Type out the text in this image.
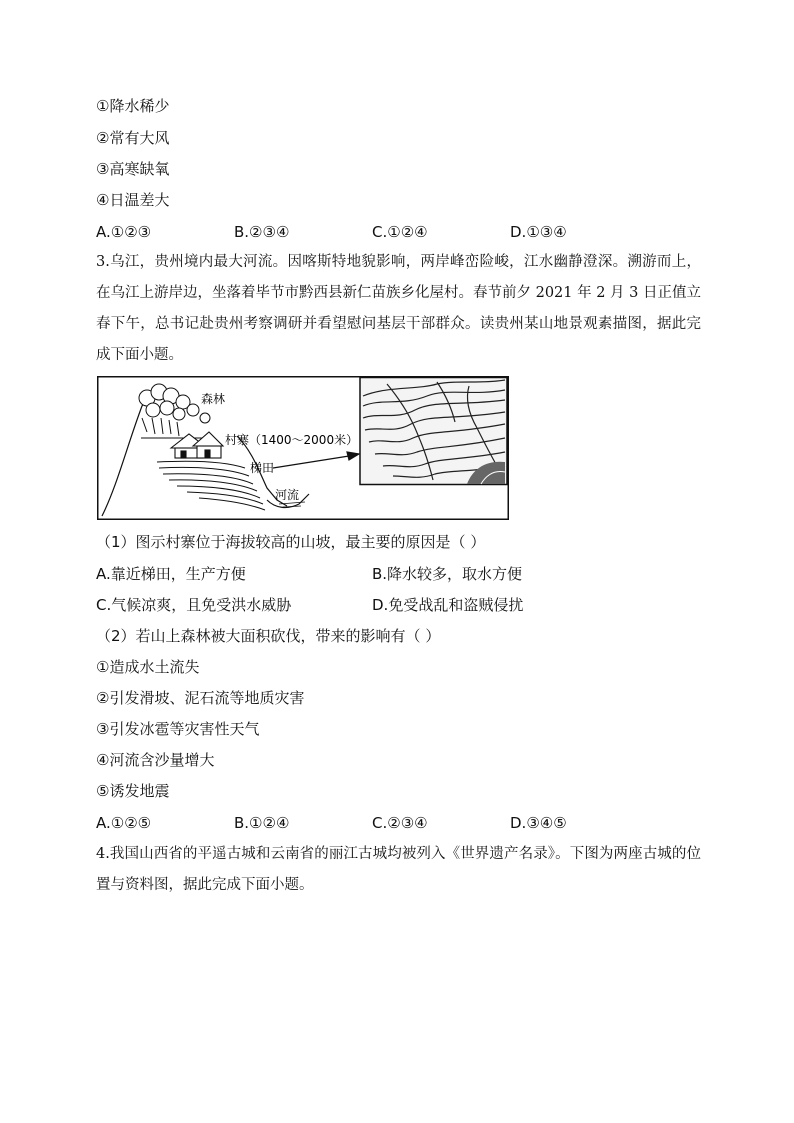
①降水稀少
②常有大风
③高寒缺氧
④日温差大
A.①②③	B.②③④	C.①②④	D.①③④
3.乌江，贵州境内最大河流。因喀斯特地貌影响，两岸峰峦险峻，江水幽静澄深。溯游而上，在乌江上游岸边，坐落着毕节市黔西县新仁苗族乡化屋村。春节前夕 2021 年 2 月 3 日正值立春下午，总书记赴贵州考察调研并看望慰问基层干部群众。读贵州某山地景观素描图，据此完成下面小题。
森林
村寨（1400～2000米）
梯田
河流
（1）图示村寨位于海拔较高的山坡，最主要的原因是（ ）
A.靠近梯田，生产方便	B.降水较多，取水方便
C.气候凉爽，且免受洪水威胁	D.免受战乱和盗贼侵扰
（2）若山上森林被大面积砍伐，带来的影响有（ ）
①造成水土流失
②引发滑坡、泥石流等地质灾害
③引发冰雹等灾害性天气
④河流含沙量增大
⑤诱发地震
A.①②⑤	B.①②④	C.②③④	D.③④⑤
4.我国山西省的平遥古城和云南省的丽江古城均被列入《世界遗产名录》。下图为两座古城的位置与资料图，据此完成下面小题。
